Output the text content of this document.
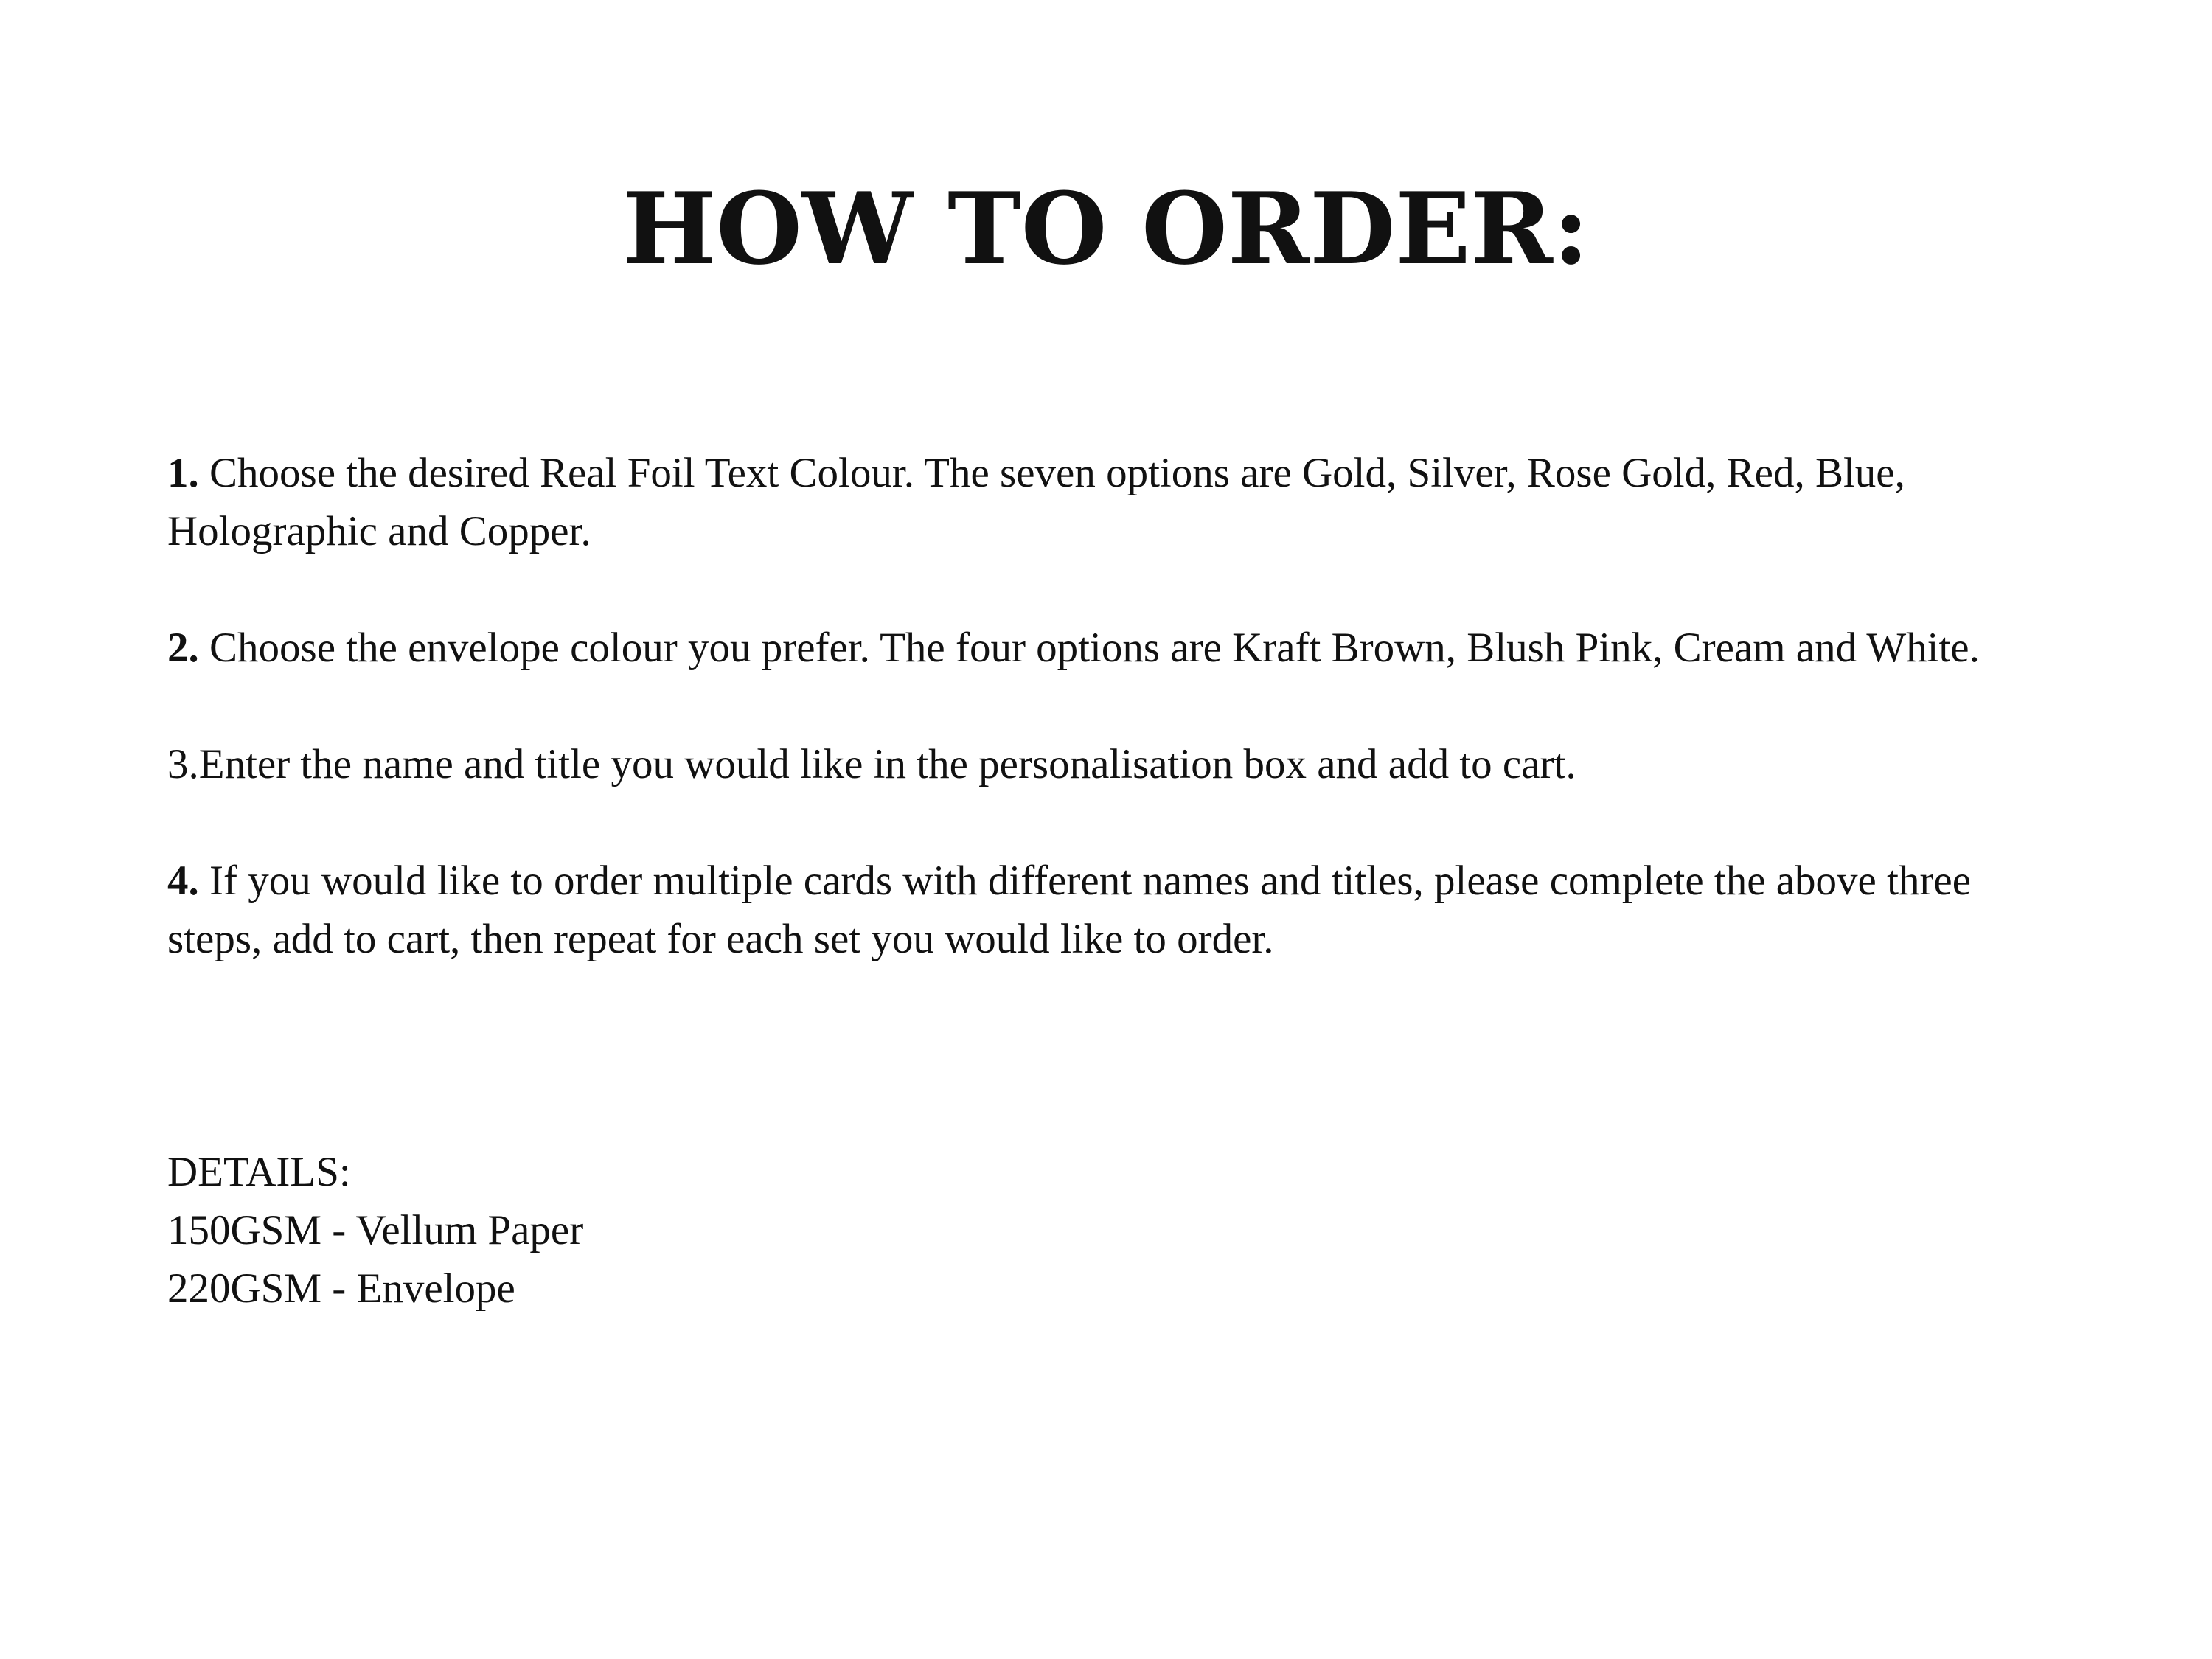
HOW TO ORDER:

1. Choose the desired Real Foil Text Colour. The seven options are Gold, Silver, Rose Gold, Red, Blue, Holographic and Copper.

2. Choose the envelope colour you prefer. The four options are Kraft Brown, Blush Pink, Cream and White.

3.Enter the name and title you would like in the personalisation box and add to cart.

4. If you would like to order multiple cards with different names and titles, please complete the above three steps, add to cart, then repeat for each set you would like to order.

DETAILS:
150GSM - Vellum Paper
220GSM - Envelope
